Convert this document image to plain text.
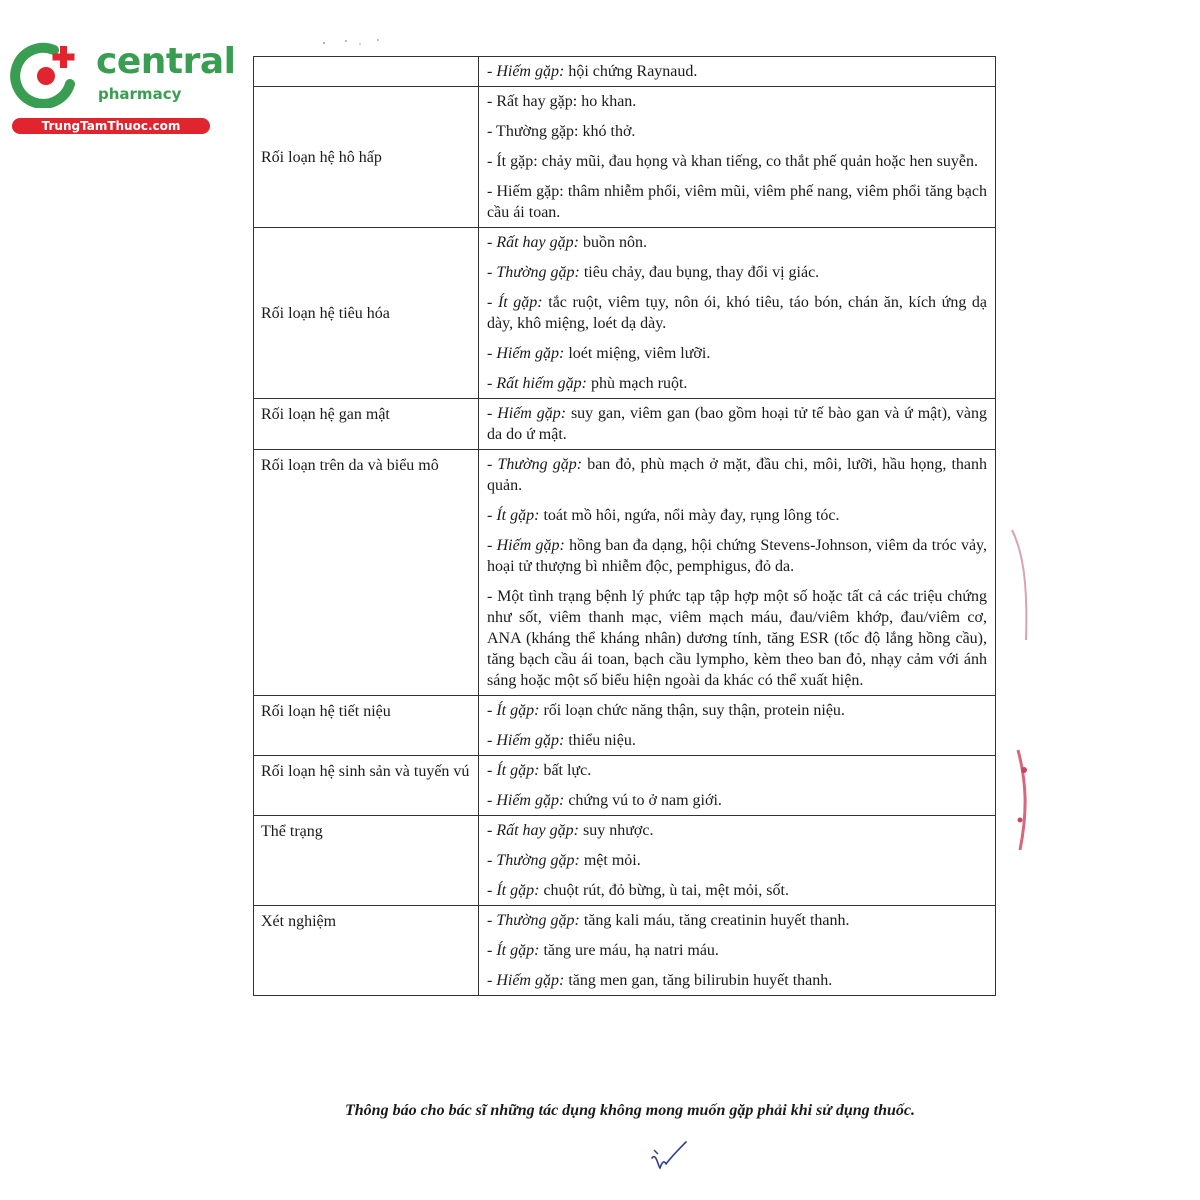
central
pharmacy
TrungTamThuoc.com

	- Hiếm gặp: hội chứng Raynaud.

Rối loạn hệ hô hấp	- Rất hay gặp: ho khan.
- Thường gặp: khó thở.
- Ít gặp: chảy mũi, đau họng và khan tiếng, co thắt phế quản hoặc hen suyễn.
- Hiếm gặp: thâm nhiễm phổi, viêm mũi, viêm phế nang, viêm phổi tăng bạch cầu ái toan.

Rối loạn hệ tiêu hóa	- Rất hay gặp: buồn nôn.
- Thường gặp: tiêu chảy, đau bụng, thay đổi vị giác.
- Ít gặp: tắc ruột, viêm tụy, nôn ói, khó tiêu, táo bón, chán ăn, kích ứng dạ dày, khô miệng, loét dạ dày.
- Hiếm gặp: loét miệng, viêm lưỡi.
- Rất hiếm gặp: phù mạch ruột.

Rối loạn hệ gan mật	- Hiếm gặp: suy gan, viêm gan (bao gồm hoại tử tế bào gan và ứ mật), vàng da do ứ mật.

Rối loạn trên da và biểu mô	- Thường gặp: ban đỏ, phù mạch ở mặt, đầu chi, môi, lưỡi, hầu họng, thanh quản.
- Ít gặp: toát mồ hôi, ngứa, nổi mày đay, rụng lông tóc.
- Hiếm gặp: hồng ban đa dạng, hội chứng Stevens-Johnson, viêm da tróc vảy, hoại tử thượng bì nhiễm độc, pemphigus, đỏ da.
- Một tình trạng bệnh lý phức tạp tập hợp một số hoặc tất cả các triệu chứng như sốt, viêm thanh mạc, viêm mạch máu, đau/viêm khớp, đau/viêm cơ, ANA (kháng thể kháng nhân) dương tính, tăng ESR (tốc độ lắng hồng cầu), tăng bạch cầu ái toan, bạch cầu lympho, kèm theo ban đỏ, nhạy cảm với ánh sáng hoặc một số biểu hiện ngoài da khác có thể xuất hiện.

Rối loạn hệ tiết niệu	- Ít gặp: rối loạn chức năng thận, suy thận, protein niệu.
- Hiếm gặp: thiểu niệu.

Rối loạn hệ sinh sản và tuyến vú	- Ít gặp: bất lực.
- Hiếm gặp: chứng vú to ở nam giới.

Thể trạng	- Rất hay gặp: suy nhược.
- Thường gặp: mệt mỏi.
- Ít gặp: chuột rút, đỏ bừng, ù tai, mệt mỏi, sốt.

Xét nghiệm	- Thường gặp: tăng kali máu, tăng creatinin huyết thanh.
- Ít gặp: tăng ure máu, hạ natri máu.
- Hiếm gặp: tăng men gan, tăng bilirubin huyết thanh.
Thông báo cho bác sĩ những tác dụng không mong muốn gặp phải khi sử dụng thuốc.
